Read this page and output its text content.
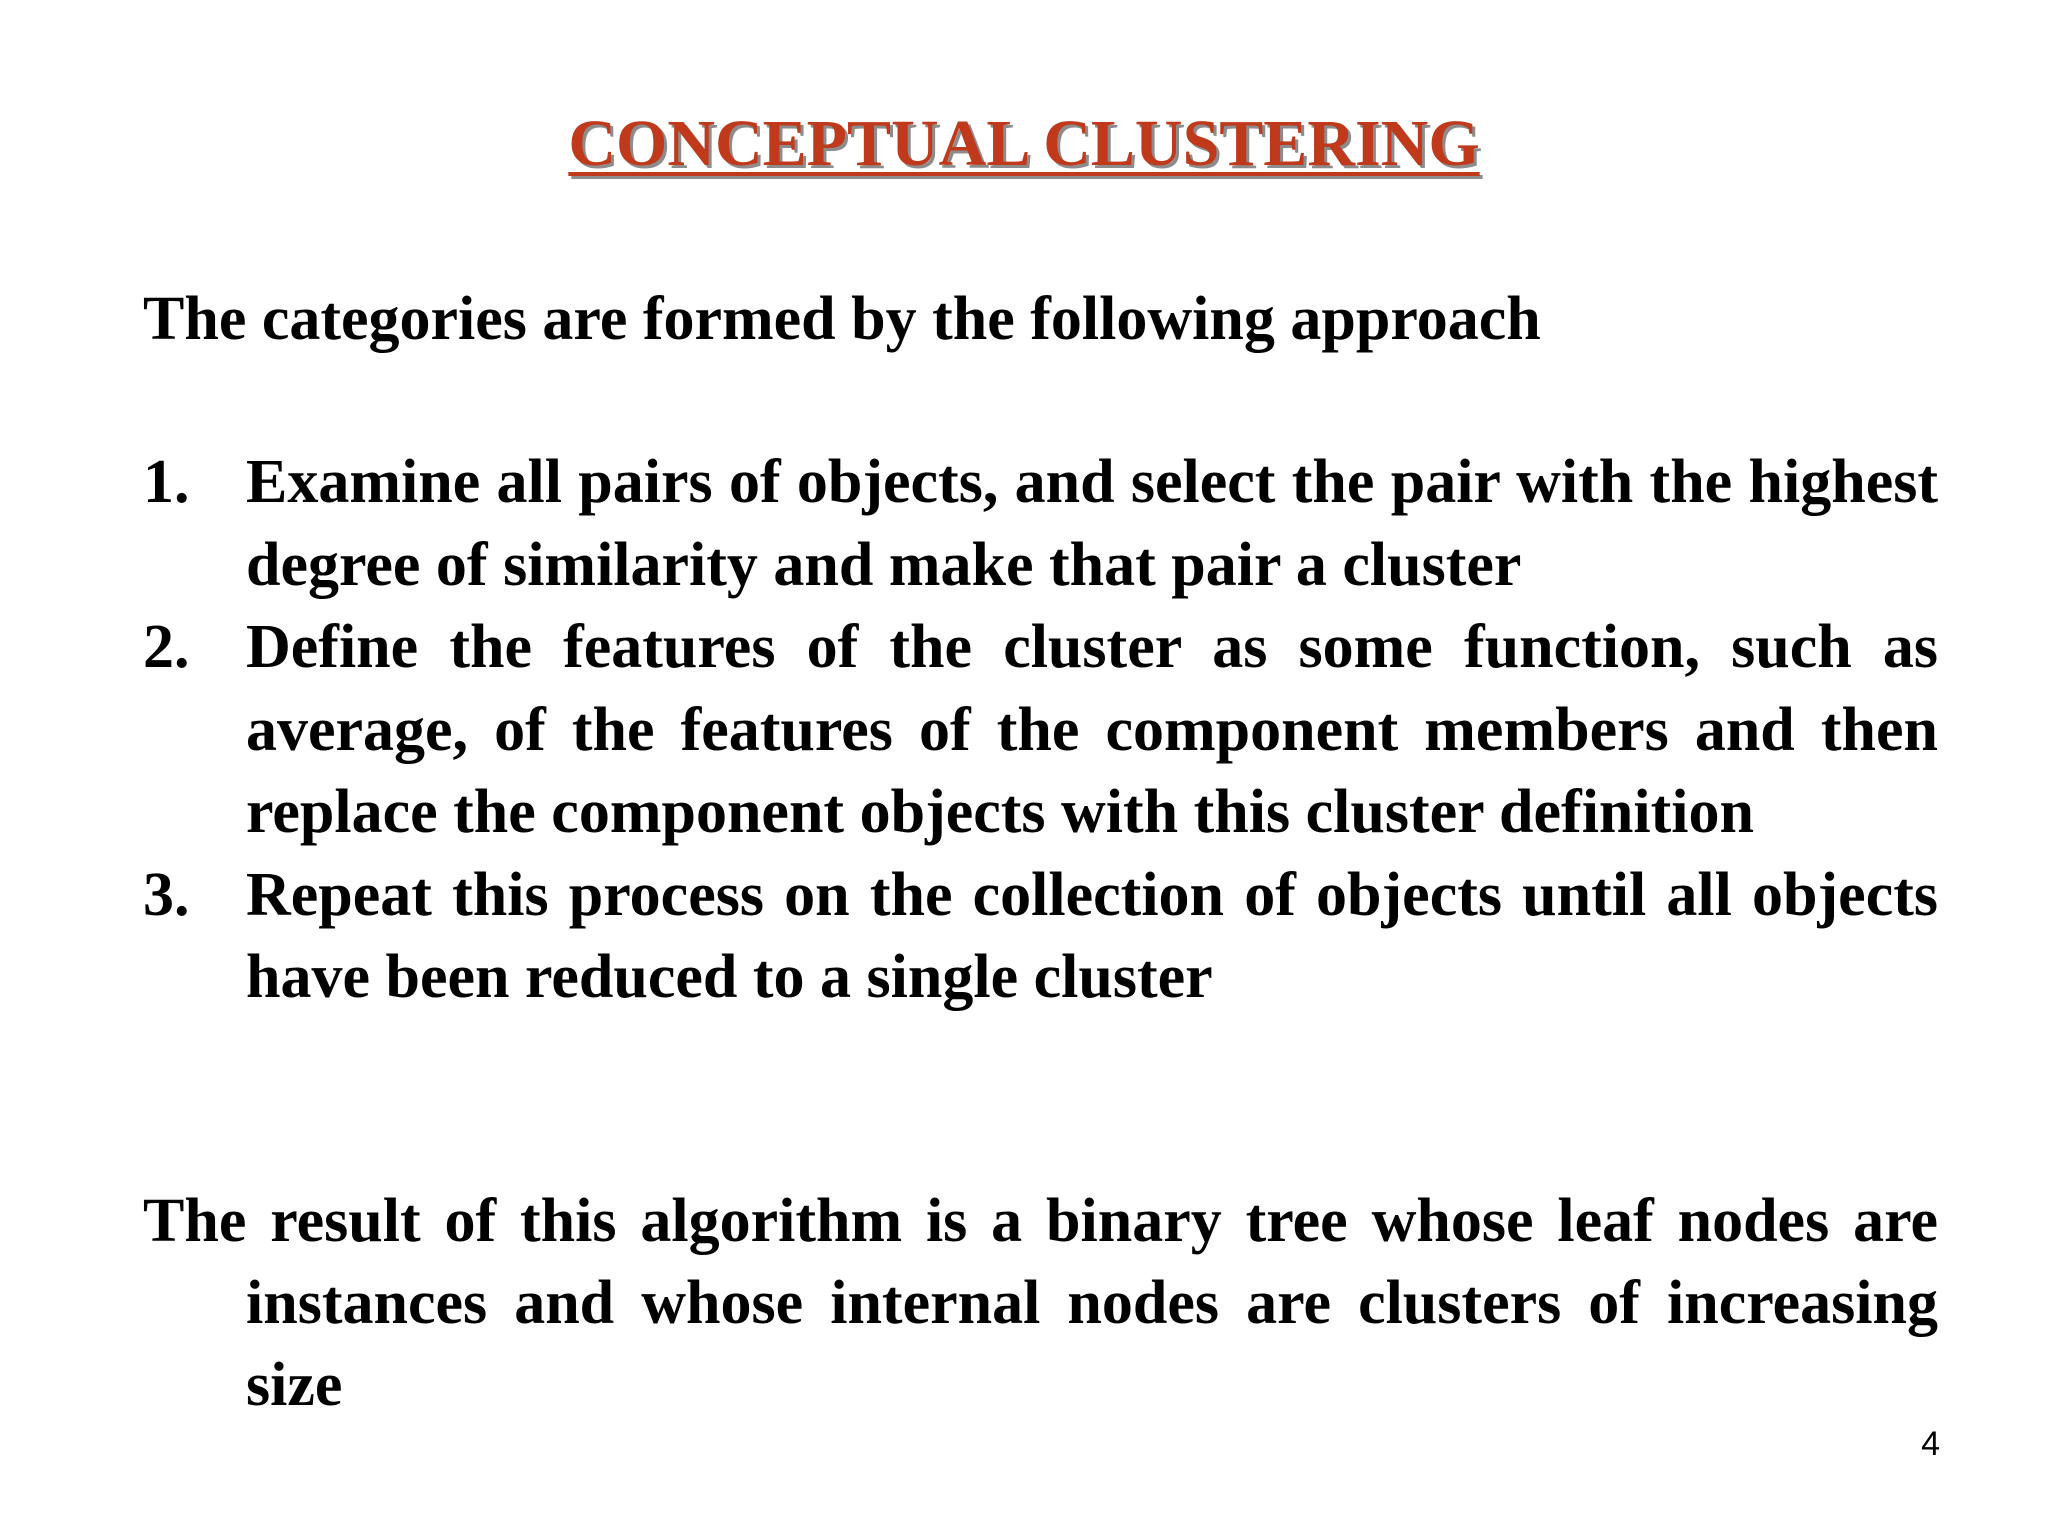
CONCEPTUAL CLUSTERING
The categories are formed by the following approach
1. Examine all pairs of objects, and select the pair with the highest degree of similarity and make that pair a cluster
2. Define the features of the cluster as some function, such as average, of the features of the component members and then replace the component objects with this cluster definition
3. Repeat this process on the collection of objects until all objects have been reduced to a single cluster
The result of this algorithm is a binary tree whose leaf nodes are instances and whose internal nodes are clusters of increasing size
4
